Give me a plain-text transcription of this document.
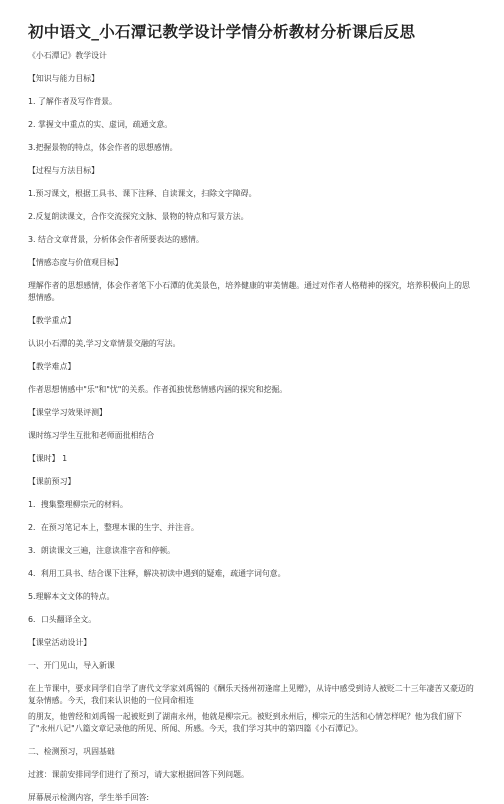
初中语文_小石潭记教学设计学情分析教材分析课后反思
《小石潭记》教学设计
【知识与能力目标】
1. 了解作者及写作背景。
2. 掌握文中重点的实、虚词，疏通文意。
3.把握景物的特点，体会作者的思想感情。
【过程与方法目标】
1.预习课文，根据工具书、课下注释、自读课文，扫除文字障碍。
2.反复朗读课文，合作交流探究文脉、景物的特点和写景方法。
3. 结合文章背景，分析体会作者所要表达的感情。
【情感态度与价值观目标】
理解作者的思想感情，体会作者笔下小石潭的优美景色，培养健康的审美情趣。通过对作者人格精神的探究，培养积极向上的思想情感。
【教学重点】
认识小石潭的美,学习文章情景交融的写法。
【教学难点】
作者思想情感中"乐"和"忧"的关系。作者孤独忧愁情感内涵的探究和挖掘。
【课堂学习效果评测】
课时练习学生互批和老师面批相结合
【课时】 1
【课前预习】
1．搜集整理柳宗元的材料。
2．在预习笔记本上，整理本课的生字、并注音。
3．朗读课文三遍，注意读准字音和停顿。
4．利用工具书、结合课下注释，解决初读中遇到的疑难，疏通字词句意。
5.理解本文文体的特点。
6．口头翻译全文。
【课堂活动设计】
一、开门见山，导入新课
在上节课中，要求同学们自学了唐代文学家刘禹锡的《酬乐天扬州初逢席上见赠》，从诗中感受到诗人被贬二十三年凄苦又豪迈的复杂情感。今天，我们来认识他的一位同命相连
的朋友，他曾经和刘禹锡一起被贬到了湖南永州，他就是柳宗元。被贬到永州后，柳宗元的生活和心情怎样呢？他为我们留下了"永州八记"八篇文章记录他的所见、所闻、所感。今天，我们学习其中的第四篇《小石潭记》。
二、检测预习，巩固基础
过渡：课前安排同学们进行了预习，请大家根据回答下列问题。
屏幕展示检测内容，学生举手回答:
